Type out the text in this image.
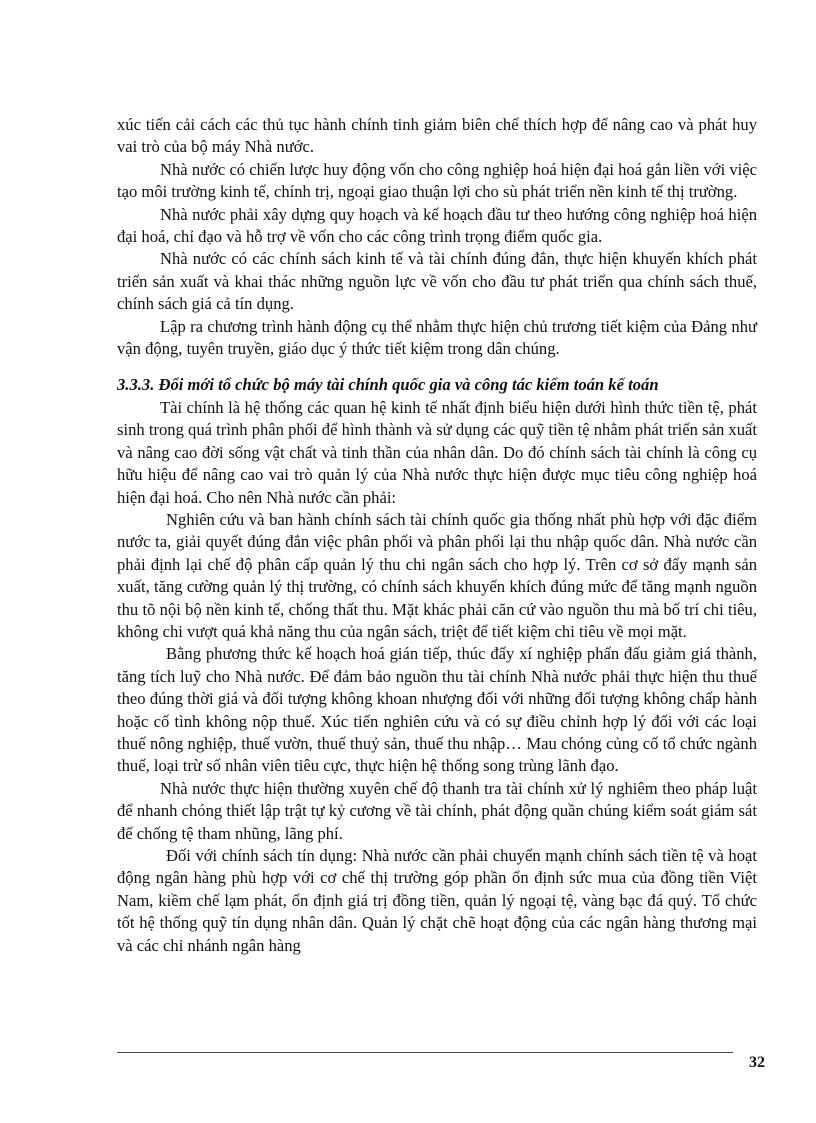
xúc tiến cải cách các thủ tục hành chính tinh giảm biên chế thích hợp để nâng cao và phát huy vai trò của bộ máy Nhà nước.

Nhà nước có chiến lược huy động vốn cho công nghiệp hoá hiện đại hoá gắn liền với việc tạo môi trường kinh tế, chính trị, ngoại giao thuận lợi cho sù phát triển nền kinh tế thị trường.

Nhà nước phải xây dựng quy hoạch và kế hoạch đầu tư theo hướng công nghiệp hoá hiện đại hoá, chỉ đạo và hỗ trợ về vốn cho các công trình trọng điểm quốc gia.

Nhà nước có các chính sách kinh tế và tài chính đúng đắn, thực hiện khuyến khích phát triển sản xuất và khai thác những nguồn lực về vốn cho đầu tư phát triển qua chính sách thuế, chính sách giá cả tín dụng.

Lập ra chương trình hành động cụ thể nhằm thực hiện chủ trương tiết kiệm của Đảng như vận động, tuyên truyền, giáo dục ý thức tiết kiệm trong dân chúng.

3.3.3. Đổi mới tổ chức bộ máy tài chính quốc gia và công tác kiểm toán kế toán

Tài chính là hệ thống các quan hệ kinh tế nhất định biểu hiện dưới hình thức tiền tệ, phát sinh trong quá trình phân phối để hình thành và sử dụng các quỹ tiền tệ nhằm phát triển sản xuất và nâng cao đời sống vật chất và tinh thần của nhân dân. Do đó chính sách tài chính là công cụ hữu hiệu để nâng cao vai trò quản lý của Nhà nước thực hiện được mục tiêu công nghiệp hoá hiện đại hoá. Cho nên Nhà nước cần phải:

Nghiên cứu và ban hành chính sách tài chính quốc gia thống nhất phù hợp với đặc điểm nước ta, giải quyết đúng đắn việc phân phối và phân phối lại thu nhập quốc dân. Nhà nước cần phải định lại chế độ phân cấp quản lý thu chi ngân sách cho hợp lý. Trên cơ sở đẩy mạnh sản xuất, tăng cường quản lý thị trường, có chính sách khuyến khích đúng mức để tăng mạnh nguồn thu tõ nội bộ nền kinh tế, chống thất thu. Mặt khác phải căn cứ vào nguồn thu mà bố trí chi tiêu, không chi vượt quá khả năng thu của ngân sách, triệt để tiết kiệm chi tiêu về mọi mặt.

Bằng phương thức kế hoạch hoá gián tiếp, thúc đẩy xí nghiệp phấn đấu giảm giá thành, tăng tích luỹ cho Nhà nước. Để đảm bảo nguồn thu tài chính Nhà nước phải thực hiện thu thuế theo đúng thời giá và đối tượng không khoan nhượng đối với những đối tượng không chấp hành hoặc cố tình không nộp thuế. Xúc tiến nghiên cứu và có sự điều chỉnh hợp lý đối với các loại thuế nông nghiệp, thuế vườn, thuế thuỷ sản, thuế thu nhập… Mau chóng củng cố tổ chức ngành thuế, loại trừ số nhân viên tiêu cực, thực hiện hệ thống song trùng lãnh đạo.

Nhà nước thực hiện thường xuyên chế độ thanh tra tài chính xử lý nghiêm theo pháp luật để nhanh chóng thiết lập trật tự kỷ cương về tài chính, phát động quần chúng kiểm soát giám sát để chống tệ tham nhũng, lãng phí.

Đối với chính sách tín dụng: Nhà nước cần phải chuyển mạnh chính sách tiền tệ và hoạt động ngân hàng phù hợp với cơ chế thị trường góp phần ổn định sức mua của đồng tiền Việt Nam, kiềm chế lạm phát, ổn định giá trị đồng tiền, quản lý ngoại tệ, vàng bạc đá quý. Tổ chức tốt hệ thống quỹ tín dụng nhân dân. Quản lý chặt chẽ hoạt động của các ngân hàng thương mại và các chi nhánh ngân hàng

32
